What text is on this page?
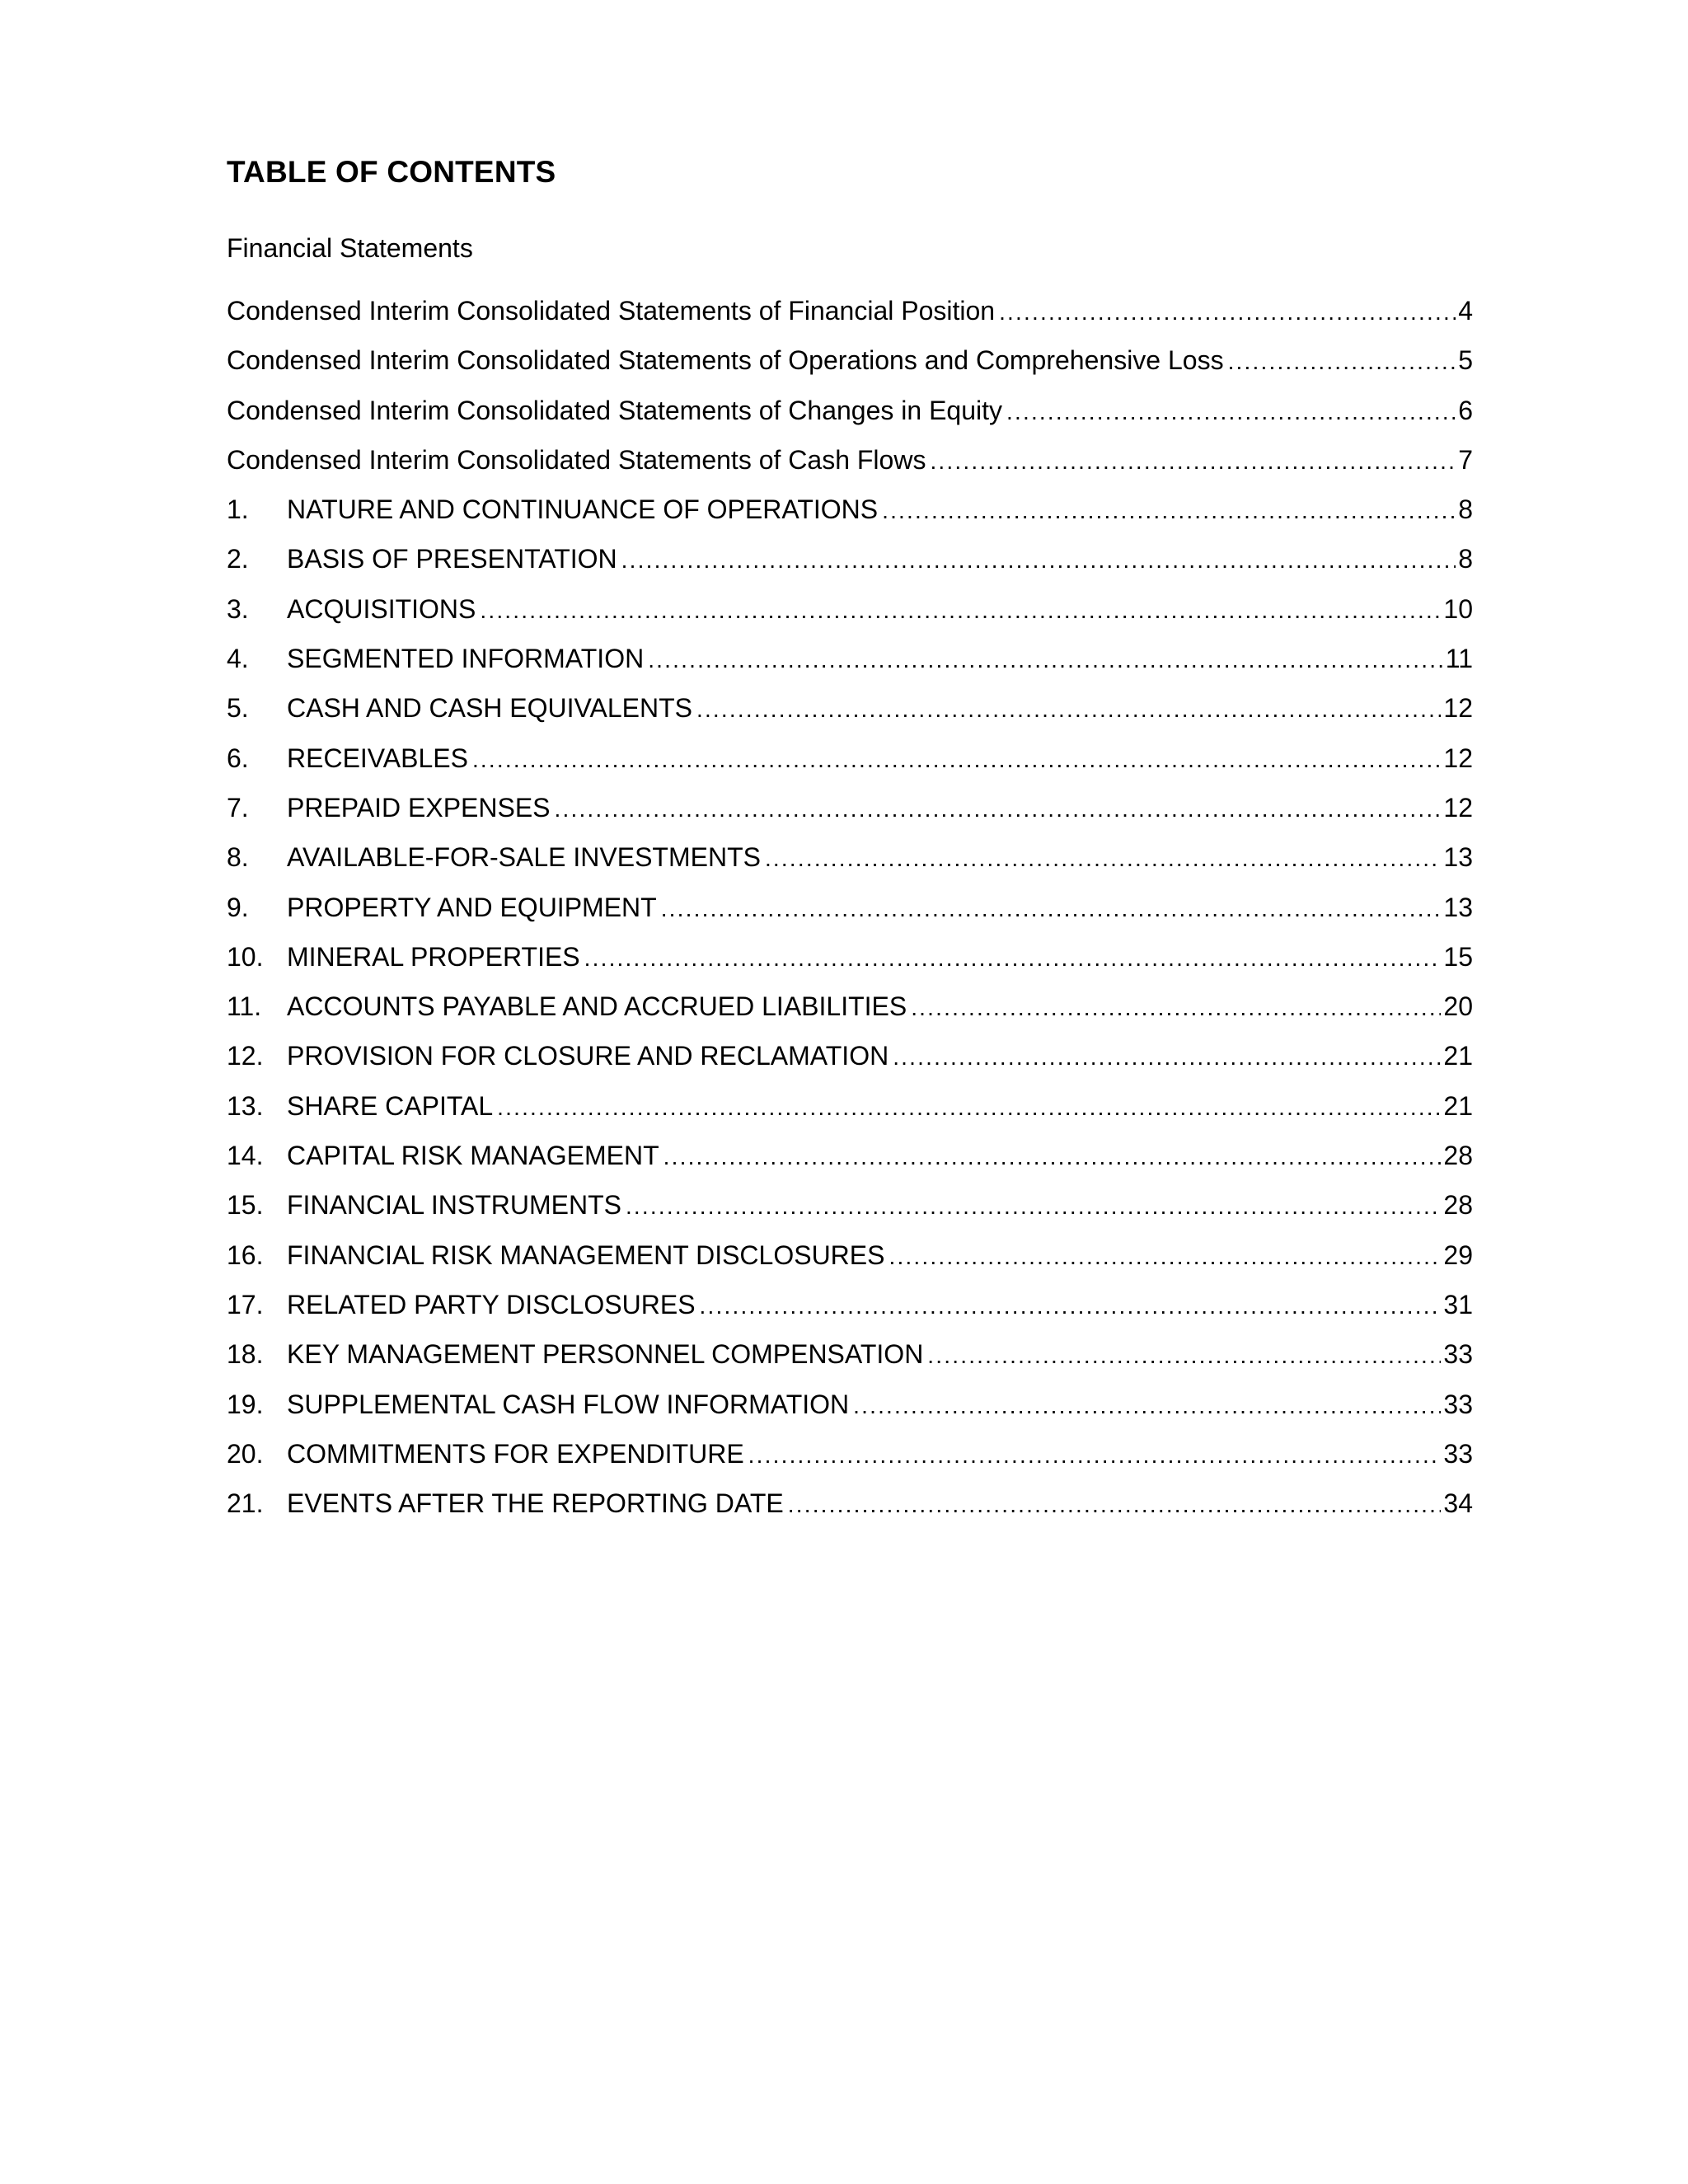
TABLE OF CONTENTS

Financial Statements

Condensed Interim Consolidated Statements of Financial Position .....	4
Condensed Interim Consolidated Statements of Operations and Comprehensive Loss .....	5
Condensed Interim Consolidated Statements of Changes in Equity .....	6
Condensed Interim Consolidated Statements of Cash Flows .....	7
1.	NATURE AND CONTINUANCE OF OPERATIONS .....	8
2.	BASIS OF PRESENTATION .....	8
3.	ACQUISITIONS .....	10
4.	SEGMENTED INFORMATION .....	11
5.	CASH AND CASH EQUIVALENTS .....	12
6.	RECEIVABLES .....	12
7.	PREPAID EXPENSES .....	12
8.	AVAILABLE-FOR-SALE INVESTMENTS .....	13
9.	PROPERTY AND EQUIPMENT .....	13
10. MINERAL PROPERTIES .....	15
11. ACCOUNTS PAYABLE AND ACCRUED LIABILITIES .....	20
12. PROVISION FOR CLOSURE AND RECLAMATION .....	21
13. SHARE CAPITAL .....	21
14. CAPITAL RISK MANAGEMENT .....	28
15. FINANCIAL INSTRUMENTS .....	28
16. FINANCIAL RISK MANAGEMENT DISCLOSURES .....	29
17. RELATED PARTY DISCLOSURES .....	31
18. KEY MANAGEMENT PERSONNEL COMPENSATION .....	33
19. SUPPLEMENTAL CASH FLOW INFORMATION .....	33
20. COMMITMENTS FOR EXPENDITURE .....	33
21. EVENTS AFTER THE REPORTING DATE .....	34
